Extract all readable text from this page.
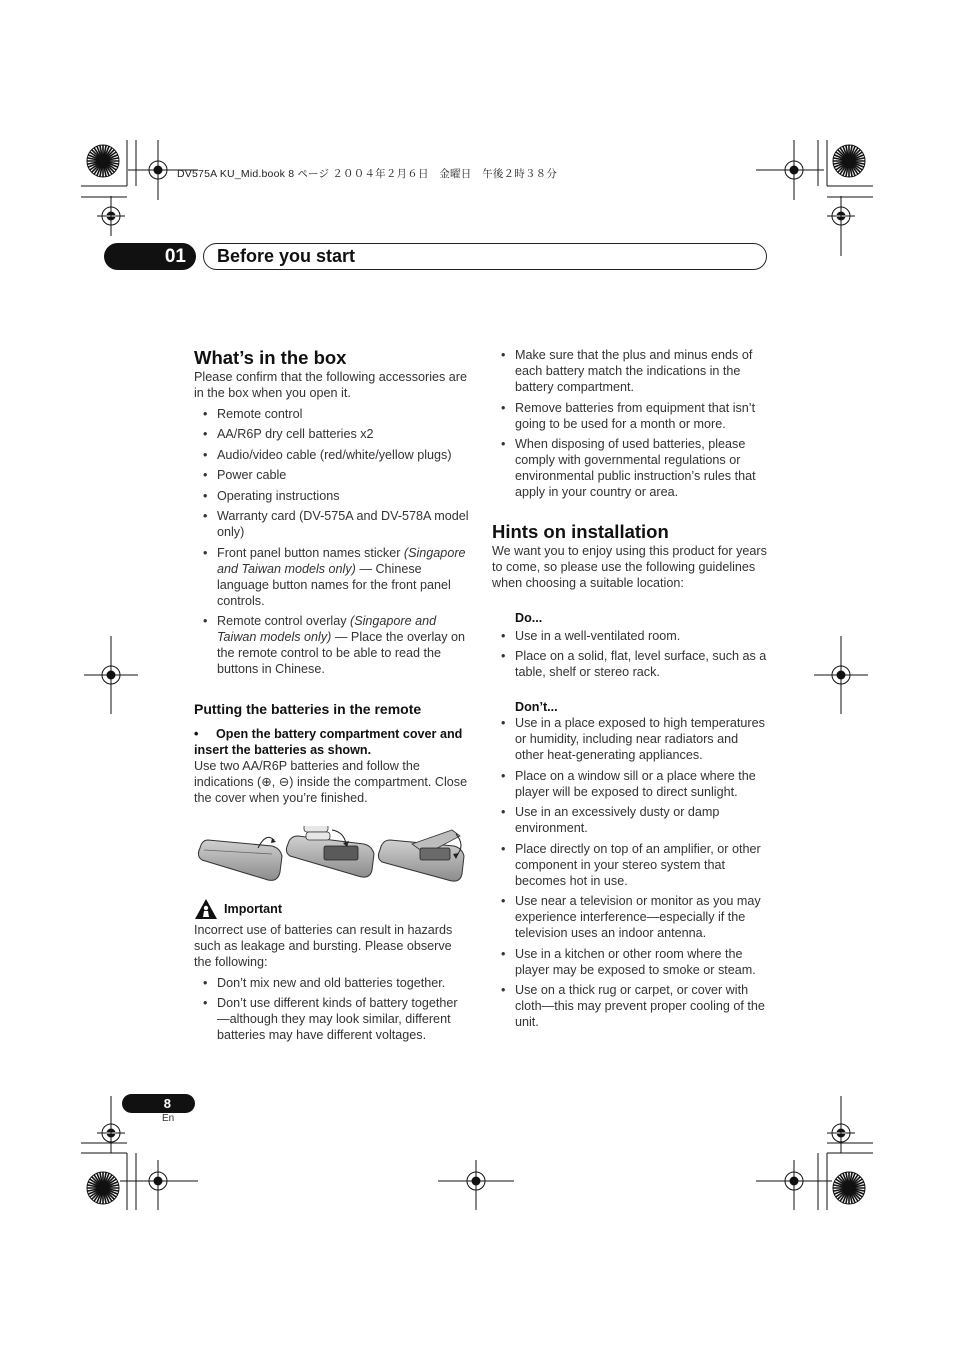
DV575A KU_Mid.book 8 ページ ２００４年２月６日　金曜日　午後２時３８分
01	Before you start
What’s in the box

Please confirm that the following accessories are in the box when you open it.

• Remote control
• AA/R6P dry cell batteries x2
• Audio/video cable (red/white/yellow plugs)
• Power cable
• Operating instructions
• Warranty card (DV-575A and DV-578A model only)
• Front panel button names sticker (Singapore and Taiwan models only) — Chinese language button names for the front panel controls.
• Remote control overlay (Singapore and Taiwan models only) — Place the overlay on the remote control to be able to read the buttons in Chinese.
Putting the batteries in the remote

• Open the battery compartment cover and insert the batteries as shown.

Use two AA/R6P batteries and follow the indications (⊕, ⊖) inside the compartment. Close the cover when you’re finished.

Important

Incorrect use of batteries can result in hazards such as leakage and bursting. Please observe the following:

• Don’t mix new and old batteries together.
• Don’t use different kinds of battery together—although they may look similar, different batteries may have different voltages.
• Make sure that the plus and minus ends of each battery match the indications in the battery compartment.
• Remove batteries from equipment that isn’t going to be used for a month or more.
• When disposing of used batteries, please comply with governmental regulations or environmental public instruction’s rules that apply in your country or area.
Hints on installation

We want you to enjoy using this product for years to come, so please use the following guidelines when choosing a suitable location:

Do...
• Use in a well-ventilated room.
• Place on a solid, flat, level surface, such as a table, shelf or stereo rack.
Don’t...
• Use in a place exposed to high temperatures or humidity, including near radiators and other heat-generating appliances.
• Place on a window sill or a place where the player will be exposed to direct sunlight.
• Use in an excessively dusty or damp environment.
• Place directly on top of an amplifier, or other component in your stereo system that becomes hot in use.
• Use near a television or monitor as you may experience interference—especially if the television uses an indoor antenna.
• Use in a kitchen or other room where the player may be exposed to smoke or steam.
• Use on a thick rug or carpet, or cover with cloth—this may prevent proper cooling of the unit.
8
En
